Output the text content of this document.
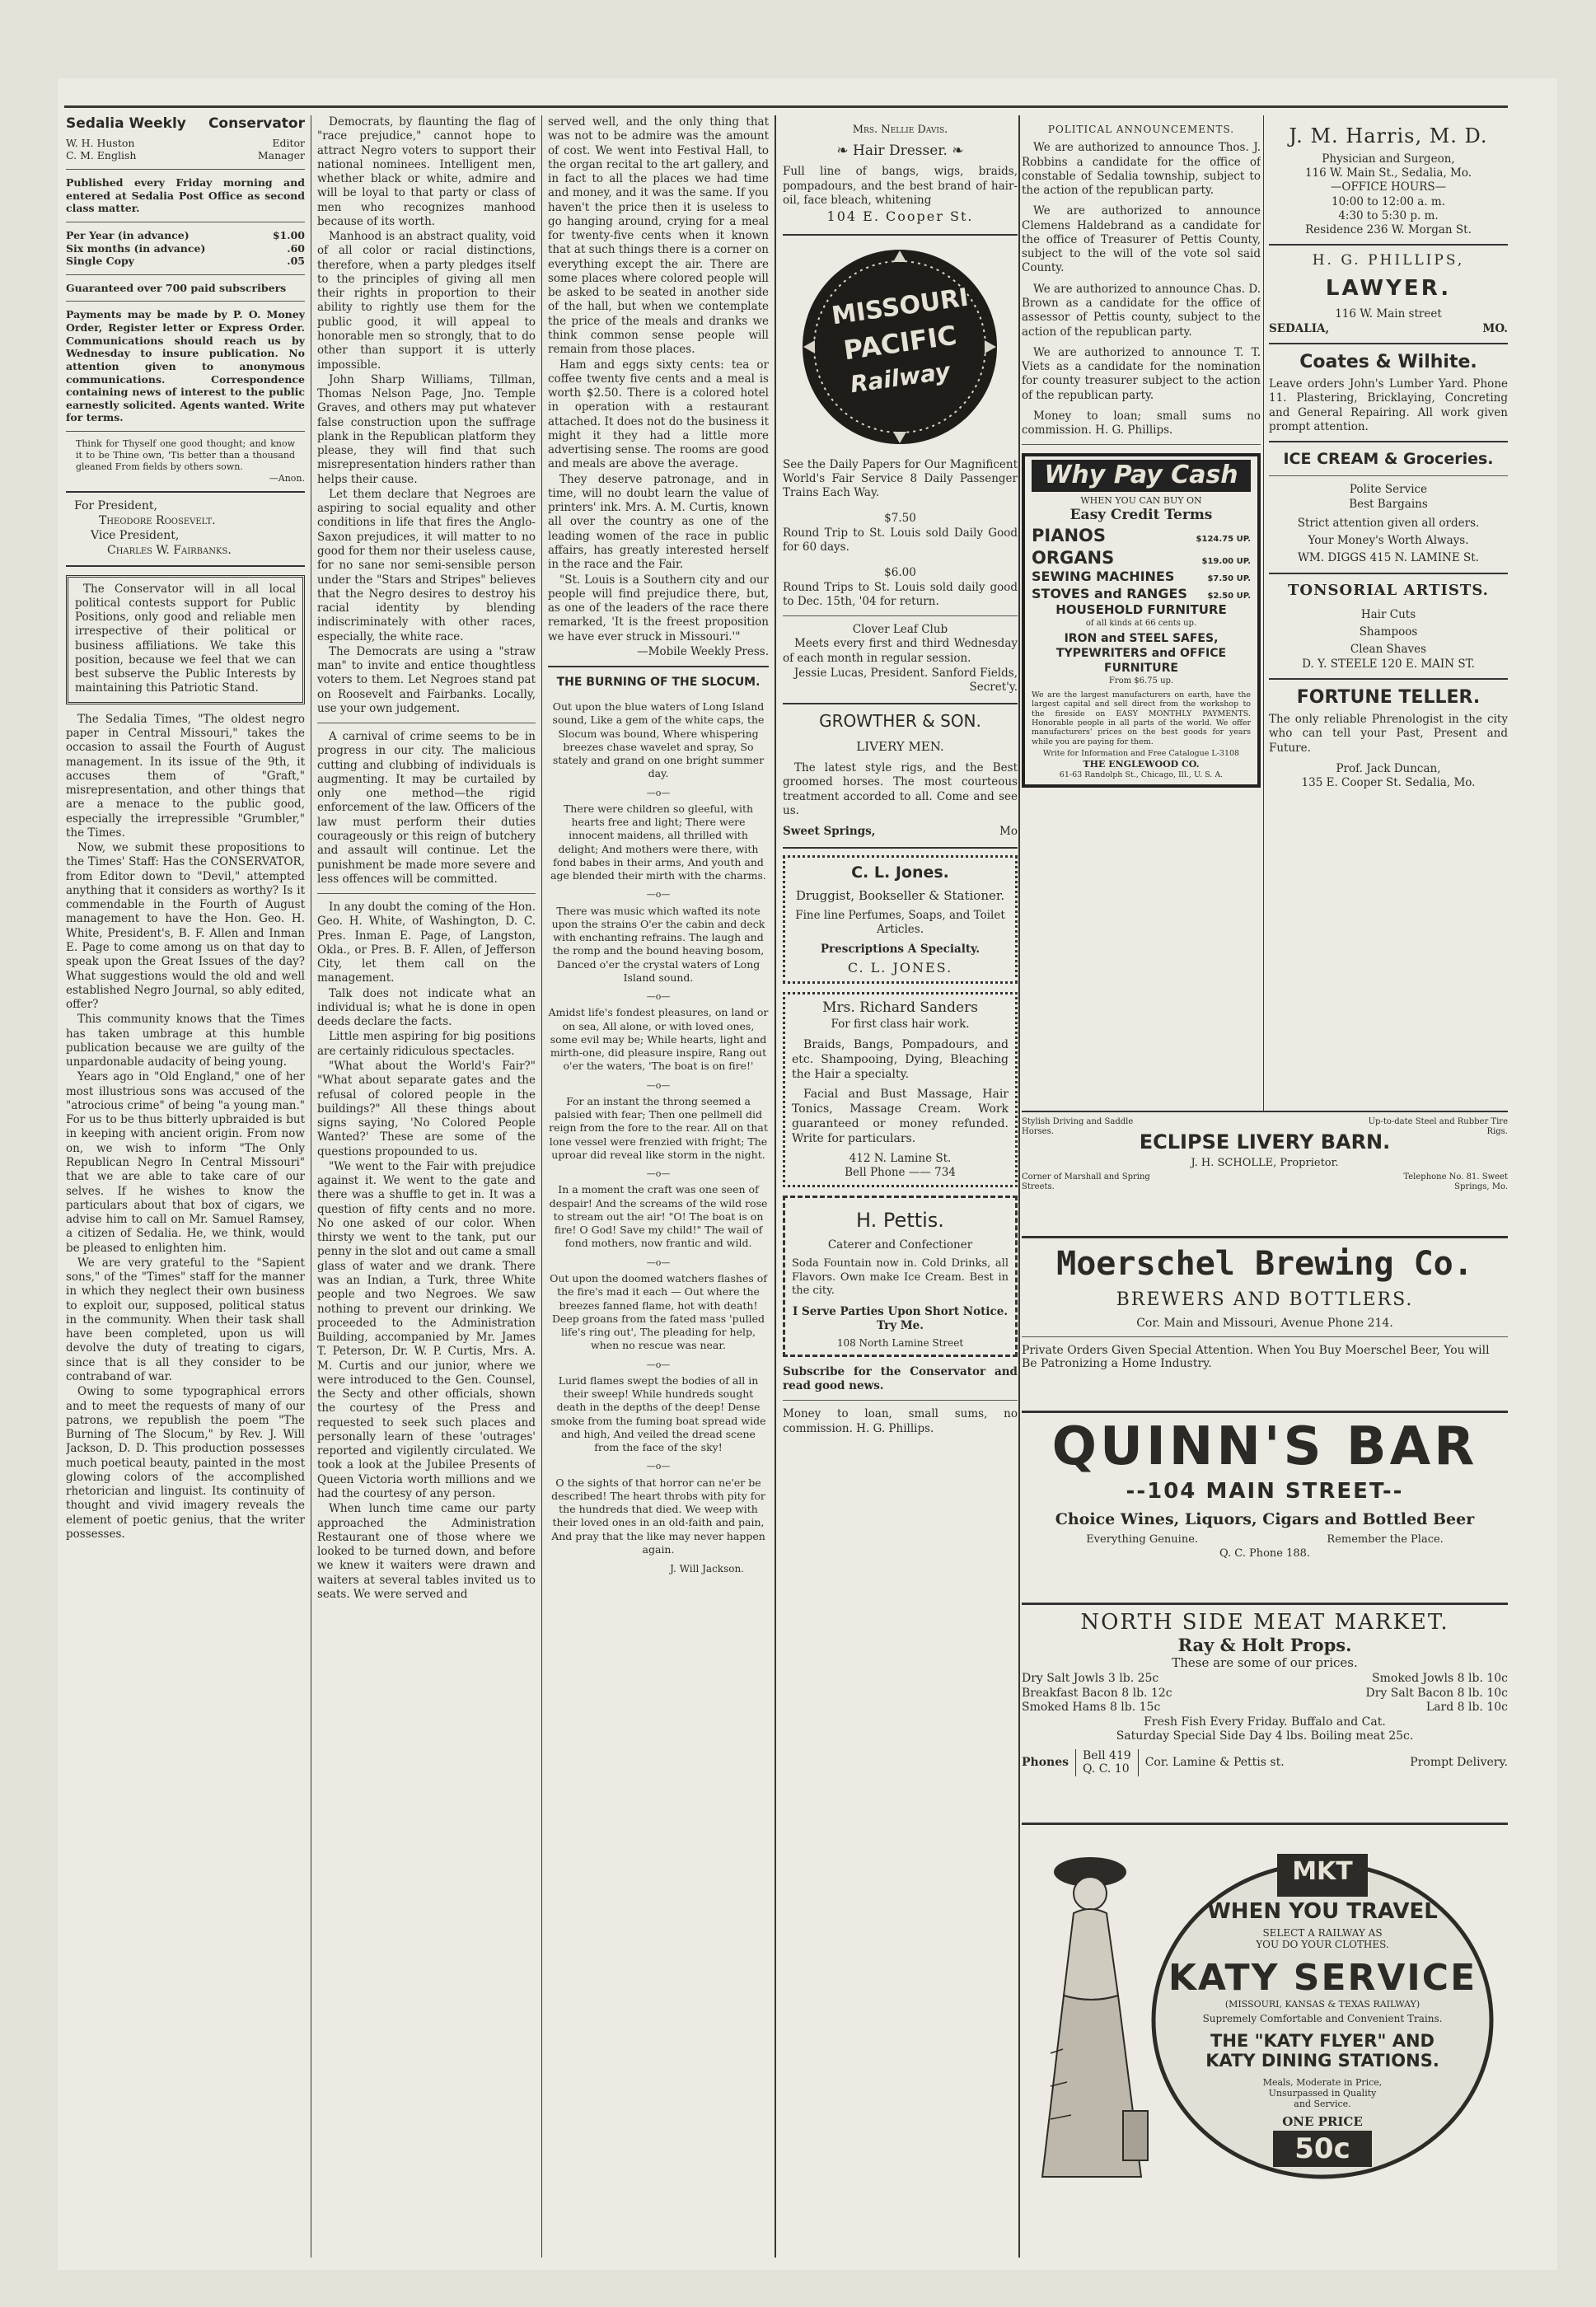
Sedalia Weekly Conservator
W. H. Huston	Editor
C. M. English	Manager

Published every Friday morning and entered at Sedalia Post Office as second class matter.

Per Year (in advance)	$1.00
Six months (in advance)	.60
Single Copy	.05
Guaranteed over 700 paid subscribers

Payments may be made by P. O. Money Order, Register letter or Express Order. Communications should reach us by Wednesday to insure publication. No attention given to anonymous communications. Correspondence containing news of interest to the public earnestly solicited. Agents wanted. Write for terms.

Think for Thyself one good thought; and know it to be Thine own, 'Tis better than a thousand gleaned From fields by others sown.

—Anon.
For President,
Theodore Roosevelt.
Vice President,
Charles W. Fairbanks.

The Conservator will in all local political contests support for Public Positions, only good and reliable men irrespective of their political or business affiliations. We take this position, because we feel that we can best subserve the Public Interests by maintaining this Patriotic Stand.

The Sedalia Times, "The oldest negro paper in Central Missouri," takes the occasion to assail the Fourth of August management. In its issue of the 9th, it accuses them of "Graft," misrepresentation, and other things that are a menace to the public good, especially the irrepressible "Grumbler," the Times.

Now, we submit these propositions to the Times' Staff: Has the CONSERVATOR, from Editor down to "Devil," attempted anything that it considers as worthy? Is it commendable in the Fourth of August management to have the Hon. Geo. H. White, President's, B. F. Allen and Inman E. Page to come among us on that day to speak upon the Great Issues of the day? What suggestions would the old and well established Negro Journal, so ably edited, offer?

This community knows that the Times has taken umbrage at this humble publication because we are guilty of the unpardonable audacity of being young.

Years ago in "Old England," one of her most illustrious sons was accused of the "atrocious crime" of being "a young man." For us to be thus bitterly upbraided is but in keeping with ancient origin. From now on, we wish to inform "The Only Republican Negro In Central Missouri" that we are able to take care of our selves. If he wishes to know the particulars about that box of cigars, we advise him to call on Mr. Samuel Ramsey, a citizen of Sedalia. He, we think, would be pleased to enlighten him.

We are very grateful to the "Sapient sons," of the "Times" staff for the manner in which they neglect their own business to exploit our, supposed, political status in the community. When their task shall have been completed, upon us will devolve the duty of treating to cigars, since that is all they consider to be contraband of war.

Owing to some typographical errors and to meet the requests of many of our patrons, we republish the poem "The Burning of The Slocum," by Rev. J. Will Jackson, D. D. This production possesses much poetical beauty, painted in the most glowing colors of the accomplished rhetorician and linguist. Its continuity of thought and vivid imagery reveals the element of poetic genius, that the writer possesses.

Democrats, by flaunting the flag of "race prejudice," cannot hope to attract Negro voters to support their national nominees. Intelligent men, whether black or white, admire and will be loyal to that party or class of men who recognizes manhood because of its worth.

Manhood is an abstract quality, void of all color or racial distinctions, therefore, when a party pledges itself to the principles of giving all men their rights in proportion to their ability to rightly use them for the public good, it will appeal to honorable men so strongly, that to do other than support it is utterly impossible.

John Sharp Williams, Tillman, Thomas Nelson Page, Jno. Temple Graves, and others may put whatever false construction upon the suffrage plank in the Republican platform they please, they will find that such misrepresentation hinders rather than helps their cause.

Let them declare that Negroes are aspiring to social equality and other conditions in life that fires the Anglo-Saxon prejudices, it will matter to no good for them nor their useless cause, for no sane nor semi-sensible person under the "Stars and Stripes" believes that the Negro desires to destroy his racial identity by blending indiscriminately with other races, especially, the white race.

The Democrats are using a "straw man" to invite and entice thoughtless voters to them. Let Negroes stand pat on Roosevelt and Fairbanks. Locally, use your own judgement.

A carnival of crime seems to be in progress in our city. The malicious cutting and clubbing of individuals is augmenting. It may be curtailed by only one method—the rigid enforcement of the law. Officers of the law must perform their duties courageously or this reign of butchery and assault will continue. Let the punishment be made more severe and less offences will be committed.

In any doubt the coming of the Hon. Geo. H. White, of Washington, D. C. Pres. Inman E. Page, of Langston, Okla., or Pres. B. F. Allen, of Jefferson City, let them call on the management.

Talk does not indicate what an individual is; what he is done in open deeds declare the facts.

Little men aspiring for big positions are certainly ridiculous spectacles.

"What about the World's Fair?" "What about separate gates and the refusal of colored people in the buildings?" All these things about signs saying, 'No Colored People Wanted?' These are some of the questions propounded to us.

"We went to the Fair with prejudice against it. We went to the gate and there was a shuffle to get in. It was a question of fifty cents and no more. No one asked of our color. When thirsty we went to the tank, put our penny in the slot and out came a small glass of water and we drank. There was an Indian, a Turk, three White people and two Negroes. We saw nothing to prevent our drinking. We proceeded to the Administration Building, accompanied by Mr. James T. Peterson, Dr. W. P. Curtis, Mrs. A. M. Curtis and our junior, where we were introduced to the Gen. Counsel, the Secty and other officials, shown the courtesy of the Press and requested to seek such places and personally learn of these 'outrages' reported and vigilently circulated. We took a look at the Jubilee Presents of Queen Victoria worth millions and we had the courtesy of any person.

When lunch time came our party approached the Administration Restaurant one of those where we looked to be turned down, and before we knew it waiters were drawn and waiters at several tables invited us to seats. We were served and

served well, and the only thing that was not to be admire was the amount of cost. We went into Festival Hall, to the organ recital to the art gallery, and in fact to all the places we had time and money, and it was the same. If you haven't the price then it is useless to go hanging around, crying for a meal for twenty-five cents when it known that at such things there is a corner on everything except the air. There are some places where colored people will be asked to be seated in another side of the hall, but when we contemplate the price of the meals and dranks we think common sense people will remain from those places.

Ham and eggs sixty cents: tea or coffee twenty five cents and a meal is worth $2.50. There is a colored hotel in operation with a restaurant attached. It does not do the business it might it they had a little more advertising sense. The rooms are good and meals are above the average.

They deserve patronage, and in time, will no doubt learn the value of printers' ink. Mrs. A. M. Curtis, known all over the country as one of the leading women of the race in public affairs, has greatly interested herself in the race and the Fair.

"St. Louis is a Southern city and our people will find prejudice there, but, as one of the leaders of the race there remarked, 'It is the freest proposition we have ever struck in Missouri.'"

—Mobile Weekly Press.
THE BURNING OF THE SLOCUM.
Out upon the blue waters of Long Island sound, Like a gem of the white caps, the Slocum was bound, Where whispering breezes chase wavelet and spray, So stately and grand on one bright summer day.
—o—
There were children so gleeful, with hearts free and light; There were innocent maidens, all thrilled with delight; And mothers were there, with fond babes in their arms, And youth and age blended their mirth with the charms.
—o—
There was music which wafted its note upon the strains O'er the cabin and deck with enchanting refrains. The laugh and the romp and the bound heaving bosom, Danced o'er the crystal waters of Long Island sound.
—o—
Amidst life's fondest pleasures, on land or on sea, All alone, or with loved ones, some evil may be; While hearts, light and mirth-one, did pleasure inspire, Rang out o'er the waters, 'The boat is on fire!'
—o—
For an instant the throng seemed a palsied with fear; Then one pellmell did reign from the fore to the rear. All on that lone vessel were frenzied with fright; The uproar did reveal like storm in the night.
—o—
In a moment the craft was one seen of despair! And the screams of the wild rose to stream out the air! "O! The boat is on fire! O God! Save my child!" The wail of fond mothers, now frantic and wild.
—o—
Out upon the doomed watchers flashes of the fire's mad it each — Out where the breezes fanned flame, hot with death! Deep groans from the fated mass 'pulled life's ring out', The pleading for help, when no rescue was near.
—o—
Lurid flames swept the bodies of all in their sweep! While hundreds sought death in the depths of the deep! Dense smoke from the fuming boat spread wide and high, And veiled the dread scene from the face of the sky!
—o—
O the sights of that horror can ne'er be described! The heart throbs with pity for the hundreds that died. We weep with their loved ones in an old-faith and pain, And pray that the like may never happen again.
J. Will Jackson.
Mrs. Nellie Davis.
❧ Hair Dresser. ❧

Full line of bangs, wigs, braids, pompadours, and the best brand of hair-oil, face bleach, whitening

104 E. Cooper St.
MISSOURI
PACIFIC
Railway

See the Daily Papers for Our Magnificent World's Fair Service 8 Daily Passenger Trains Each Way.

$7.50

Round Trip to St. Louis sold Daily Good for 60 days.

$6.00

Round Trips to St. Louis sold daily good to Dec. 15th, '04 for return.

Clover Leaf Club

Meets every first and third Wednesday of each month in regular session.

Jessie Lucas, President. Sanford Fields, Secret'y.
GROWTHER & SON.
LIVERY MEN.

The latest style rigs, and the Best groomed horses. The most courteous treatment accorded to all. Come and see us.

Sweet Springs,	Mo
C. L. Jones.
Druggist, Bookseller & Stationer.
Fine line Perfumes, Soaps, and Toilet Articles.
Prescriptions A Specialty.
C. L. JONES.
Mrs. Richard Sanders
For first class hair work.

Braids, Bangs, Pompadours, and etc. Shampooing, Dying, Bleaching the Hair a specialty.

Facial and Bust Massage, Hair Tonics, Massage Cream. Work guaranteed or money refunded. Write for particulars.

412 N. Lamine St.
Bell Phone —— 734
H. Pettis.
Caterer and Confectioner

Soda Fountain now in. Cold Drinks, all Flavors. Own make Ice Cream. Best in the city.

I Serve Parties Upon Short Notice. Try Me.
108 North Lamine Street

Subscribe for the Conservator and read good news.

Money to loan, small sums, no commission. H. G. Phillips.

POLITICAL ANNOUNCEMENTS.

We are authorized to announce Thos. J. Robbins a candidate for the office of constable of Sedalia township, subject to the action of the republican party.

We are authorized to announce Clemens Haldebrand as a candidate for the office of Treasurer of Pettis County, subject to the will of the vote sol said County.

We are authorized to announce Chas. D. Brown as a candidate for the office of assessor of Pettis county, subject to the action of the republican party.

We are authorized to announce T. T. Viets as a candidate for the nomination for county treasurer subject to the action of the republican party.

Money to loan; small sums no commission. H. G. Phillips.

Why Pay Cash
WHEN YOU CAN BUY ON
Easy Credit Terms
PIANOS	$124.75 UP.
ORGANS	$19.00 UP.
SEWING MACHINES	$7.50 UP.
STOVES and RANGES $2.50 UP.
HOUSEHOLD FURNITURE
of all kinds at 66 cents up.
IRON and STEEL SAFES, TYPEWRITERS and OFFICE FURNITURE
From $6.75 up.

We are the largest manufacturers on earth, have the largest capital and sell direct from the workshop to the fireside on EASY MONTHLY PAYMENTS. Honorable people in all parts of the world. We offer manufacturers' prices on the best goods for years while you are paying for them.

Write for Information and Free Catalogue L-3108
THE ENGLEWOOD CO.
61-63 Randolph St., Chicago, Ill., U. S. A.
J. M. Harris, M. D.
Physician and Surgeon,
116 W. Main St., Sedalia, Mo.
—OFFICE HOURS—
10:00 to 12:00 a. m.
4:30 to 5:30 p. m.
Residence 236 W. Morgan St.
H. G. PHILLIPS,
LAWYER.
116 W. Main street
SEDALIA,	MO.
Coates & Wilhite.

Leave orders John's Lumber Yard. Phone 11. Plastering, Bricklaying, Concreting and General Repairing. All work given prompt attention.

ICE CREAM & Groceries.
Polite Service
Best Bargains
Strict attention given all orders.
Your Money's Worth Always.
WM. DIGGS 415 N. LAMINE St.
TONSORIAL ARTISTS.
Hair Cuts
Shampoos
Clean Shaves
D. Y. STEELE 120 E. MAIN ST.
FORTUNE TELLER.

The only reliable Phrenologist in the city who can tell your Past, Present and Future.

Prof. Jack Duncan,
135 E. Cooper St. Sedalia, Mo.
Stylish Driving and Saddle Horses.
Up-to-date Steel and Rubber Tire Rigs.
ECLIPSE LIVERY BARN.
J. H. SCHOLLE, Proprietor.
Corner of Marshall and Spring Streets.
Telephone No. 81. Sweet Springs, Mo.
Moerschel Brewing Co.
BREWERS AND BOTTLERS.
Cor. Main and Missouri, Avenue Phone 214.

Private Orders Given Special Attention. When You Buy Moerschel Beer, You will Be Patronizing a Home Industry.

QUINN'S BAR
--104 MAIN STREET--
Choice Wines, Liquors, Cigars and Bottled Beer
Everything Genuine.	Remember the Place.
Q. C. Phone 188.
NORTH SIDE MEAT MARKET.
Ray & Holt Props.
These are some of our prices.
Dry Salt Jowls 3 lb. 25c	Smoked Jowls 8 lb. 10c
Breakfast Bacon 8 lb. 12c	Dry Salt Bacon 8 lb. 10c
Smoked Hams 8 lb. 15c	Lard 8 lb. 10c
Fresh Fish Every Friday. Buffalo and Cat.
Saturday Special Side Day 4 lbs. Boiling meat 25c.
Phones
Bell 419
Q. C. 10 Cor. Lamine & Pettis st.	Prompt Delivery.
MKT
WHEN YOU TRAVEL
SELECT A RAILWAY AS YOU DO YOUR CLOTHES.
KATY SERVICE
(MISSOURI, KANSAS & TEXAS RAILWAY)
Supremely Comfortable and Convenient Trains.
THE "KATY FLYER" AND KATY DINING STATIONS.
Meals, Moderate in Price, Unsurpassed in Quality and Service.
ONE PRICE
50c
